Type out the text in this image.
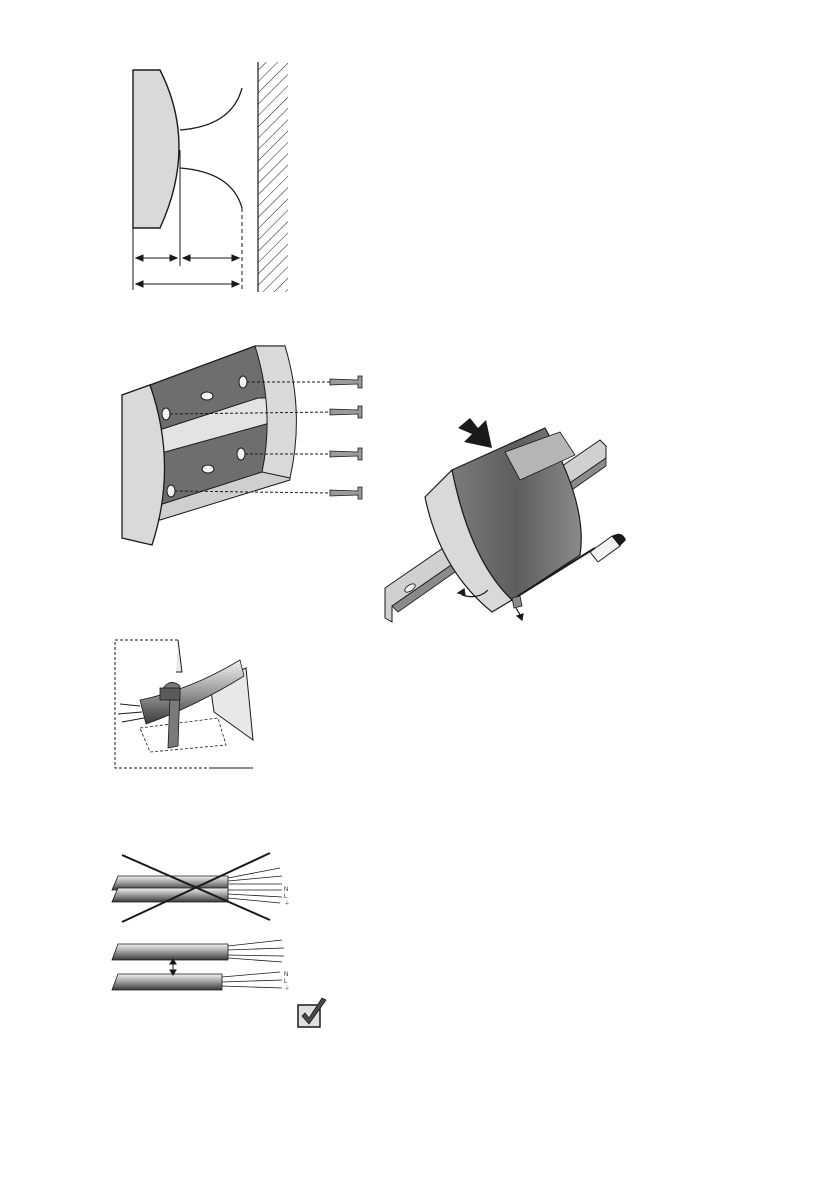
N
L
⏚
N
L
⏚
